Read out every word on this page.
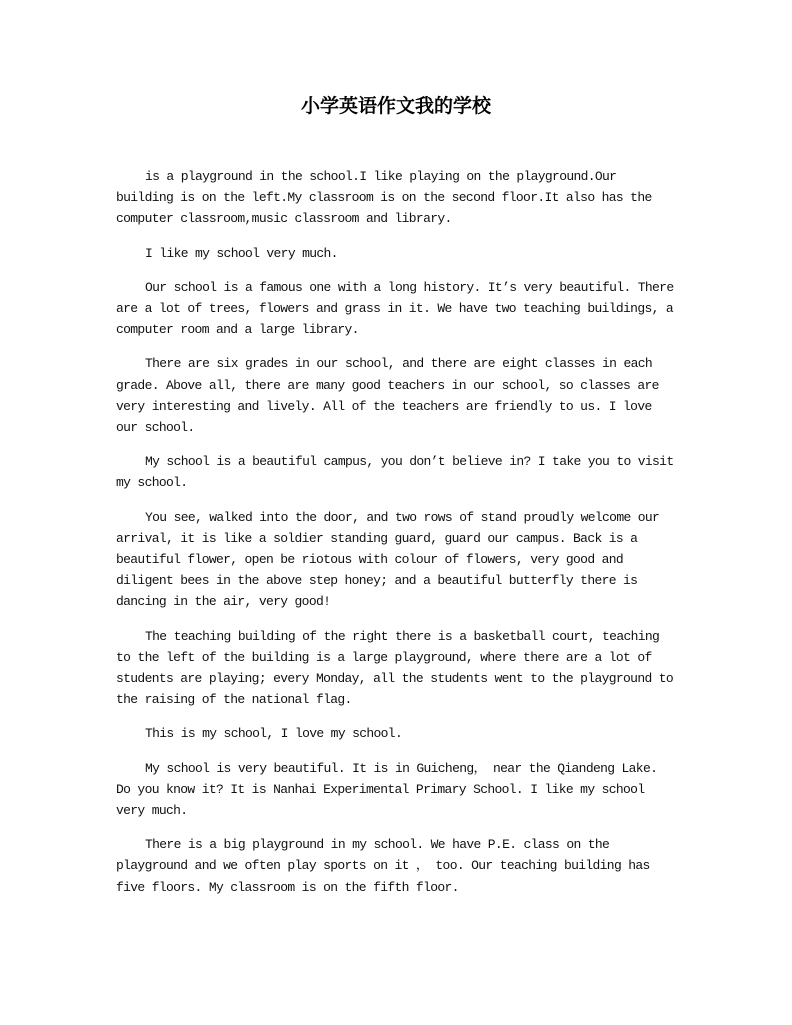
小学英语作文我的学校

is a playground in the school.I like playing on the playground.Our
building is on the left.My classroom is on the second floor.It also has the
computer classroom,music classroom and library.

I like my school very much.

Our school is a famous one with a long history. It’s very beautiful. There
are a lot of trees, flowers and grass in it. We have two teaching buildings, a
computer room and a large library.

There are six grades in our school, and there are eight classes in each
grade. Above all, there are many good teachers in our school, so classes are
very interesting and lively. All of the teachers are friendly to us. I love
our school.

My school is a beautiful campus, you don’t believe in? I take you to visit
my school.

You see, walked into the door, and two rows of stand proudly welcome our
arrival, it is like a soldier standing guard, guard our campus. Back is a
beautiful flower, open be riotous with colour of flowers, very good and
diligent bees in the above step honey; and a beautiful butterfly there is
dancing in the air, very good!

The teaching building of the right there is a basketball court, teaching
to the left of the building is a large playground, where there are a lot of
students are playing; every Monday, all the students went to the playground to
the raising of the national flag.

This is my school, I love my school.

My school is very beautiful. It is in Guicheng， near the Qiandeng Lake.
Do you know it? It is Nanhai Experimental Primary School. I like my school
very much.

There is a big playground in my school. We have P.E. class on the
playground and we often play sports on it ， too. Our teaching building has
five floors. My classroom is on the fifth floor.
